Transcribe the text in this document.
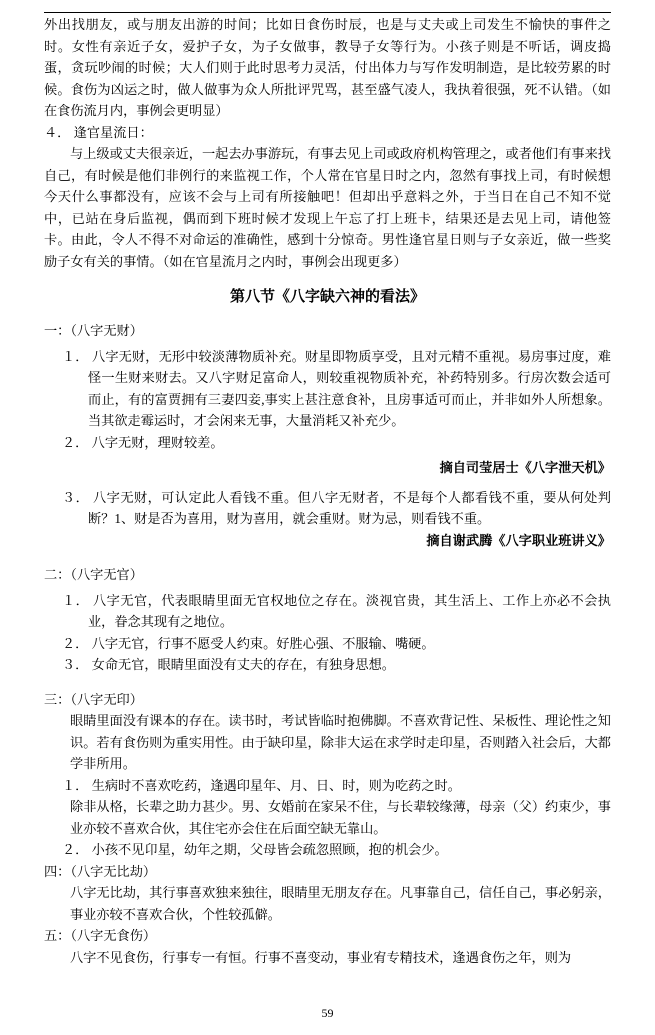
外出找朋友，或与朋友出游的时间；比如日食伤时辰，也是与丈夫或上司发生不愉快的事件之时。女性有亲近子女，爱护子女，为子女做事，教导子女等行为。小孩子则是不听话，调皮捣蛋，贪玩吵闹的时候；大人们则于此时思考力灵活，付出体力与写作发明制造，是比较劳累的时候。食伤为凶运之时，做人做事为众人所批评咒骂，甚至盛气凌人，我执着很强，死不认错。（如在食伤流月内，事例会更明显）

４． 逢官星流日：

与上级或丈夫很亲近，一起去办事游玩，有事去见上司或政府机构管理之，或者他们有事来找自己，有时候是他们非例行的来监视工作，个人常在官星日时之内，忽然有事找上司，有时候想今天什么事都没有，应该不会与上司有所接触吧！但却出乎意料之外，于当日在自己不知不觉中，已站在身后监视，偶而到下班时候才发现上午忘了打上班卡，结果还是去见上司，请他签卡。由此，令人不得不对命运的准确性，感到十分惊奇。男性逢官星日则与子女亲近，做一些奖励子女有关的事情。（如在官星流月之内时，事例会出现更多）

第八节《八字缺六神的看法》

一：（八字无财）

１． 八字无财，无形中较淡薄物质补充。财星即物质享受，且对元精不重视。易房事过度，难怪一生财来财去。又八字财足富命人，则较重视物质补充，补药特别多。行房次数会适可而止，有的富贾拥有三妻四妾,事实上甚注意食补，且房事适可而止，并非如外人所想象。当其欲走霉运时，才会闲来无事，大量消耗又补充少。

２． 八字无财，理财较差。

摘自司莹居士《八字泄天机》

３． 八字无财，可认定此人看钱不重。但八字无财者，不是每个人都看钱不重，要从何处判断？1、财是否为喜用，财为喜用，就会重财。财为忌，则看钱不重。

摘自谢武腾《八字职业班讲义》

二：（八字无官）

１． 八字无官，代表眼睛里面无官权地位之存在。淡视官贵，其生活上、工作上亦必不会执业，眷念其现有之地位。

２． 八字无官，行事不愿受人约束。好胜心强、不服输、嘴硬。

３． 女命无官，眼睛里面没有丈夫的存在，有独身思想。

三：（八字无印）

眼睛里面没有课本的存在。读书时，考试皆临时抱佛脚。不喜欢背记性、呆板性、理论性之知识。若有食伤则为重实用性。由于缺印星，除非大运在求学时走印星，否则踏入社会后，大都学非所用。

１． 生病时不喜欢吃药，逢遇印星年、月、日、时，则为吃药之时。

除非从格，长辈之助力甚少。男、女婚前在家呆不住，与长辈较缘薄，母亲（父）约束少，事业亦较不喜欢合伙，其住宅亦会住在后面空缺无靠山。

２． 小孩不见卬星，幼年之期，父母皆会疏忽照顾，抱的机会少。

四：（八字无比劫）

八字无比劫，其行事喜欢独来独往，眼睛里无朋友存在。凡事靠自己，信任自己，事必躬亲，事业亦较不喜欢合伙，个性较孤僻。

五：（八字无食伤）

八字不见食伤，行事专一有恒。行事不喜变动，事业宥专精技术，逢遇食伤之年，则为

59
